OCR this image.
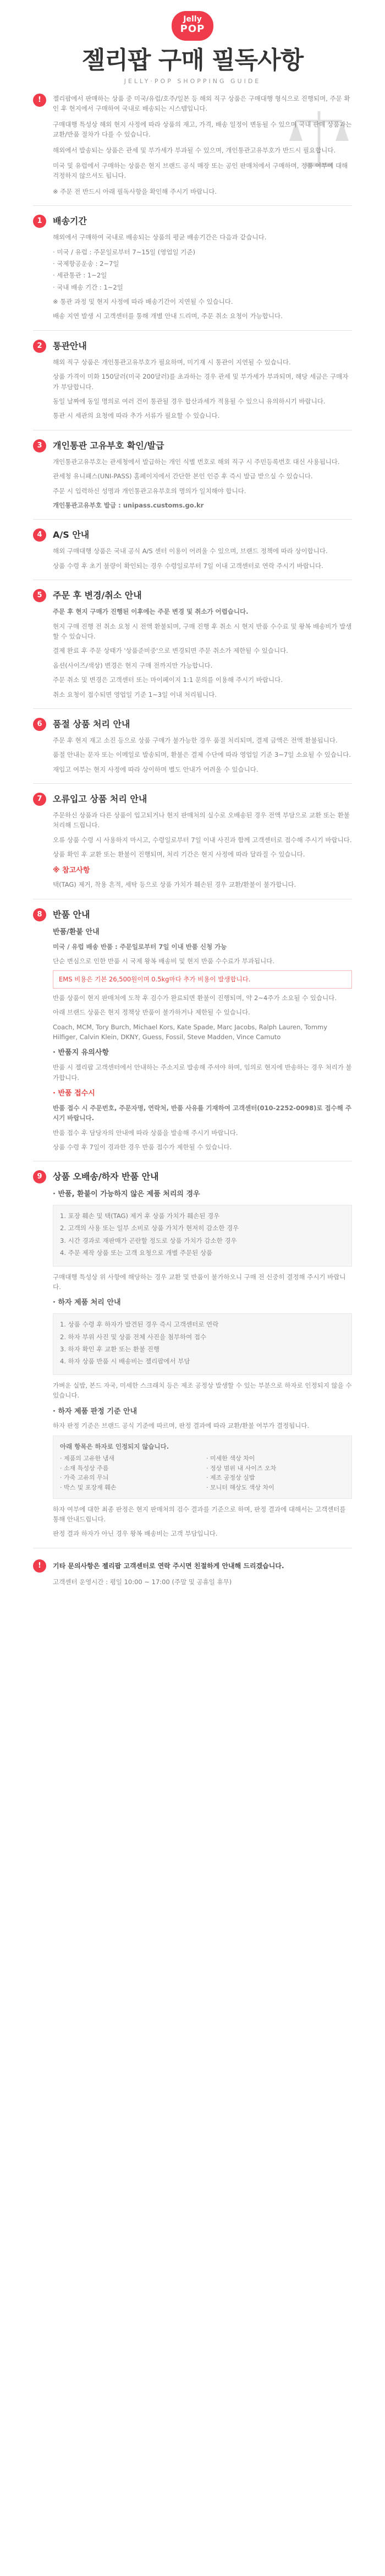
Jelly
POP
젤리팝 구매 필독사항
JELLY·POP SHOPPING GUIDE
!	젤리팝에서 판매하는 상품 중 미국/유럽/호주/일본 등 해외 직구 상품은 구매대행 형식으로 진행되며, 주문 확인 후 현지에서 구매하여 국내로 배송되는 시스템입니다.

구매대행 특성상 해외 현지 사정에 따라 상품의 재고, 가격, 배송 일정이 변동될 수 있으며 국내 판매 상품과는 교환/반품 절차가 다를 수 있습니다.

해외에서 발송되는 상품은 관세 및 부가세가 부과될 수 있으며, 개인통관고유부호가 반드시 필요합니다.

미국 및 유럽에서 구매하는 상품은 현지 브랜드 공식 매장 또는 공인 판매처에서 구매하며, 정품 여부에 대해 걱정하지 않으셔도 됩니다.

※ 주문 전 반드시 아래 필독사항을 확인해 주시기 바랍니다.

1	배송기간

해외에서 구매하여 국내로 배송되는 상품의 평균 배송기간은 다음과 같습니다.

· 미국 / 유럽 : 주문일로부터 7~15일 (영업일 기준)
· 국제항공운송 : 2~7일
· 세관통관 : 1~2일
· 국내 배송 기간 : 1~2일

※ 통관 과정 및 현지 사정에 따라 배송기간이 지연될 수 있습니다.

배송 지연 발생 시 고객센터를 통해 개별 안내 드리며, 주문 취소 요청이 가능합니다.

2	통관안내

해외 직구 상품은 개인통관고유부호가 필요하며, 미기재 시 통관이 지연될 수 있습니다.

상품 가격이 미화 150달러(미국 200달러)를 초과하는 경우 관세 및 부가세가 부과되며, 해당 세금은 구매자가 부담합니다.

동일 날짜에 동일 명의로 여러 건이 통관될 경우 합산과세가 적용될 수 있으니 유의하시기 바랍니다.

통관 시 세관의 요청에 따라 추가 서류가 필요할 수 있습니다.

3	개인통관 고유부호 확인/발급

개인통관고유부호는 관세청에서 발급하는 개인 식별 번호로 해외 직구 시 주민등록번호 대신 사용됩니다.

관세청 유니패스(UNI-PASS) 홈페이지에서 간단한 본인 인증 후 즉시 발급 받으실 수 있습니다.

주문 시 입력하신 성명과 개인통관고유부호의 명의가 일치해야 합니다.

개인통관고유부호 발급 : unipass.customs.go.kr

4	A/S 안내

해외 구매대행 상품은 국내 공식 A/S 센터 이용이 어려울 수 있으며, 브랜드 정책에 따라 상이합니다.

상품 수령 후 초기 불량이 확인되는 경우 수령일로부터 7일 이내 고객센터로 연락 주시기 바랍니다.

5	주문 후 변경/취소 안내

주문 후 현지 구매가 진행된 이후에는 주문 변경 및 취소가 어렵습니다.

현지 구매 진행 전 취소 요청 시 전액 환불되며, 구매 진행 후 취소 시 현지 반품 수수료 및 왕복 배송비가 발생할 수 있습니다.

결제 완료 후 주문 상태가 '상품준비중'으로 변경되면 주문 취소가 제한될 수 있습니다.

옵션(사이즈/색상) 변경은 현지 구매 전까지만 가능합니다.

주문 취소 및 변경은 고객센터 또는 마이페이지 1:1 문의를 이용해 주시기 바랍니다.

취소 요청이 접수되면 영업일 기준 1~3일 이내 처리됩니다.

6	품절 상품 처리 안내

주문 후 현지 재고 소진 등으로 상품 구매가 불가능한 경우 품절 처리되며, 결제 금액은 전액 환불됩니다.

품절 안내는 문자 또는 이메일로 발송되며, 환불은 결제 수단에 따라 영업일 기준 3~7일 소요될 수 있습니다.

재입고 여부는 현지 사정에 따라 상이하며 별도 안내가 어려울 수 있습니다.

7	오류입고 상품 처리 안내

주문하신 상품과 다른 상품이 입고되거나 현지 판매처의 실수로 오배송된 경우 전액 부담으로 교환 또는 환불 처리해 드립니다.

오류 상품 수령 시 사용하지 마시고, 수령일로부터 7일 이내 사진과 함께 고객센터로 접수해 주시기 바랍니다.

상품 확인 후 교환 또는 환불이 진행되며, 처리 기간은 현지 사정에 따라 달라질 수 있습니다.

※ 참고사항

택(TAG) 제거, 착용 흔적, 세탁 등으로 상품 가치가 훼손된 경우 교환/환불이 불가합니다.

8	반품 안내
반품/환불 안내

미국 / 유럽 배송 반품 : 주문일로부터 7일 이내 반품 신청 가능

단순 변심으로 인한 반품 시 국제 왕복 배송비 및 현지 반품 수수료가 부과됩니다.

EMS 비용은 기본 26,500원이며 0.5kg마다 추가 비용이 발생합니다.

반품 상품이 현지 판매처에 도착 후 검수가 완료되면 환불이 진행되며, 약 2~4주가 소요될 수 있습니다.

아래 브랜드 상품은 현지 정책상 반품이 불가하거나 제한될 수 있습니다.

Coach, MCM, Tory Burch, Michael Kors, Kate Spade, Marc Jacobs, Ralph Lauren, Tommy Hilfiger, Calvin Klein, DKNY, Guess, Fossil, Steve Madden, Vince Camuto

· 반품지 유의사항

반품 시 젤리팝 고객센터에서 안내하는 주소지로 발송해 주셔야 하며, 임의로 현지에 반송하는 경우 처리가 불가합니다.

· 반품 접수시

반품 접수 시 주문번호, 주문자명, 연락처, 반품 사유를 기재하여 고객센터(010-2252-0098)로 접수해 주시기 바랍니다.

반품 접수 후 담당자의 안내에 따라 상품을 발송해 주시기 바랍니다.

상품 수령 후 7일이 경과한 경우 반품 접수가 제한될 수 있습니다.

9	상품 오배송/하자 반품 안내
· 반품, 환불이 가능하지 않은 제품 처리의 경우

1. 포장 훼손 및 택(TAG) 제거 후 상품 가치가 훼손된 경우

2. 고객의 사용 또는 일부 소비로 상품 가치가 현저히 감소한 경우

3. 시간 경과로 재판매가 곤란할 정도로 상품 가치가 감소한 경우

4. 주문 제작 상품 또는 고객 요청으로 개별 주문된 상품

구매대행 특성상 위 사항에 해당하는 경우 교환 및 반품이 불가하오니 구매 전 신중히 결정해 주시기 바랍니다.

· 하자 제품 처리 안내

1. 상품 수령 후 하자가 발견된 경우 즉시 고객센터로 연락

2. 하자 부위 사진 및 상품 전체 사진을 첨부하여 접수

3. 하자 확인 후 교환 또는 환불 진행

4. 하자 상품 반품 시 배송비는 젤리팝에서 부담

가벼운 실밥, 본드 자국, 미세한 스크래치 등은 제조 공정상 발생할 수 있는 부분으로 하자로 인정되지 않을 수 있습니다.

· 하자 제품 판정 기준 안내

하자 판정 기준은 브랜드 공식 기준에 따르며, 판정 결과에 따라 교환/환불 여부가 결정됩니다.

아래 항목은 하자로 인정되지 않습니다.

· 제품의 고유한 냄새	· 미세한 색상 차이
· 소재 특성상 주름	· 정상 범위 내 사이즈 오차
· 가죽 고유의 무늬	· 제조 공정상 실밥
· 박스 및 포장재 훼손	· 모니터 해상도 색상 차이

하자 여부에 대한 최종 판정은 현지 판매처의 검수 결과를 기준으로 하며, 판정 결과에 대해서는 고객센터를 통해 안내드립니다.

판정 결과 하자가 아닌 경우 왕복 배송비는 고객 부담입니다.

!	기타 문의사항은 젤리팝 고객센터로 연락 주시면 친절하게 안내해 드리겠습니다.

고객센터 운영시간 : 평일 10:00 ~ 17:00 (주말 및 공휴일 휴무)
